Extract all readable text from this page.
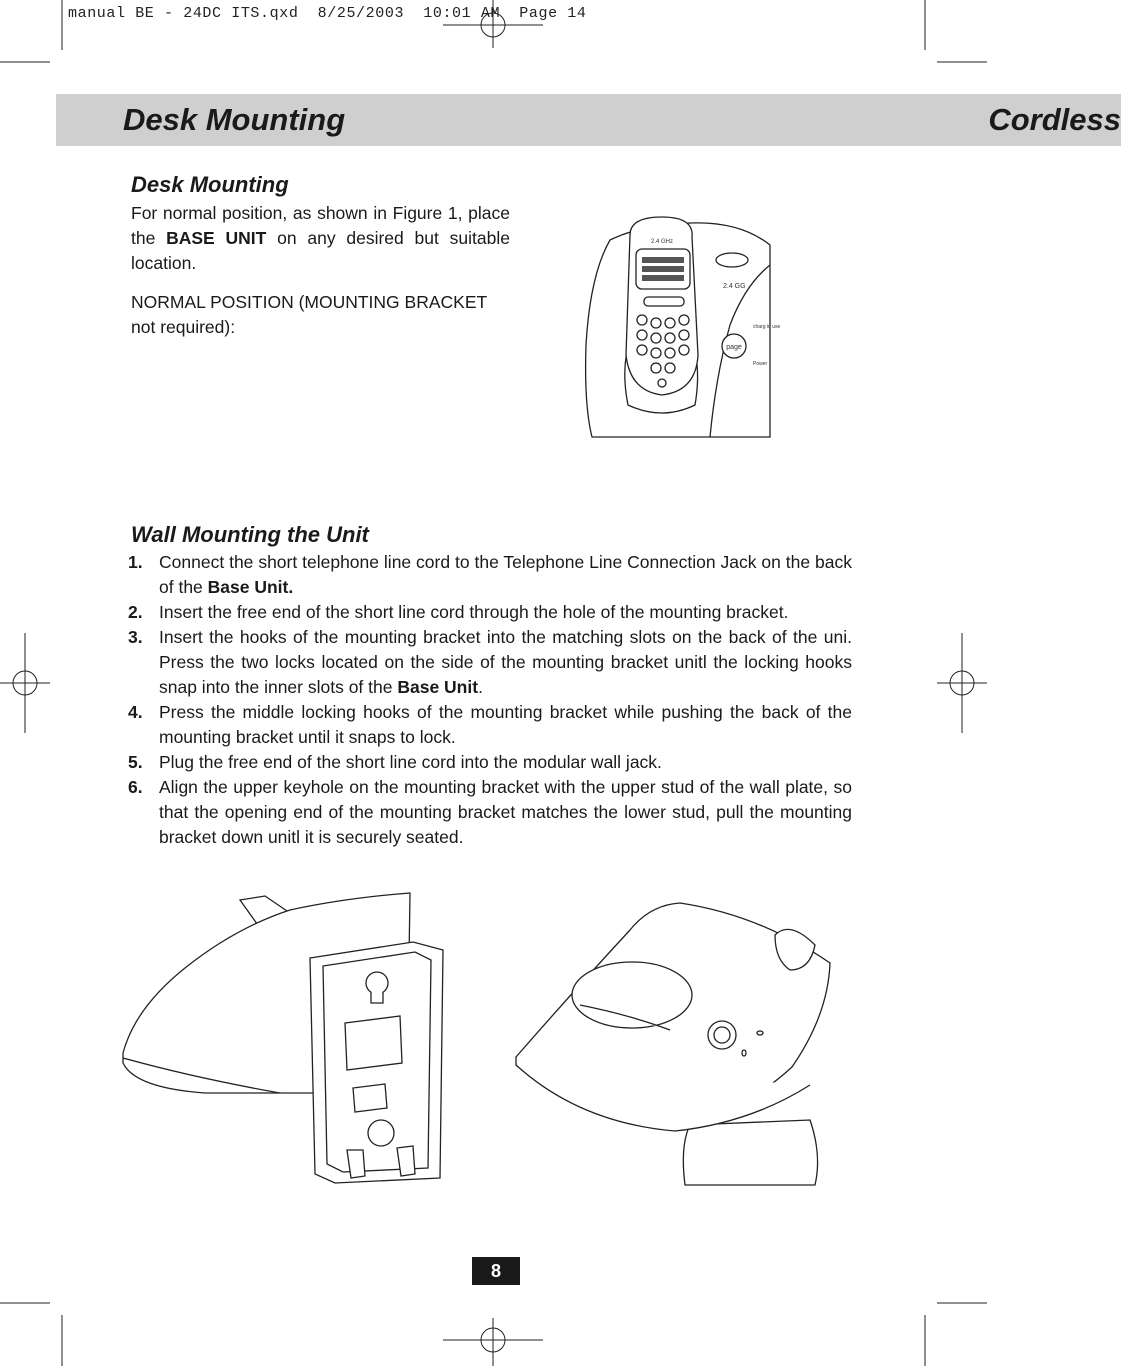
manual BE - 24DC ITS.qxd  8/25/2003  10:01 AM  Page 14
Desk Mounting	Cordless
Desk Mounting

For normal position, as shown in Figure 1, place the BASE UNIT on any desired but suitable location.

NORMAL POSITION (MOUNTING BRACKET not required):

2.4 GHz
2.4 GG
page
charg in use
Power
Wall Mounting the Unit
1. Connect the short telephone line cord to the Telephone Line Connection Jack on the back of the Base Unit.
2. Insert the free end of the short line cord through the hole of the mounting bracket.
3. Insert the hooks of the mounting bracket into the matching slots on the back of the uni. Press the two locks located on the side of the mounting bracket unitl the locking hooks snap into the inner slots of the Base Unit.
4. Press the middle locking hooks of the mounting bracket while pushing the back of the mounting bracket until it snaps to lock.
5. Plug the free end of the short line cord into the modular wall jack.
6. Align the upper keyhole on the mounting bracket with the upper stud of the wall plate, so that the opening end of the mounting bracket matches the lower stud, pull the mounting bracket down unitl it is securely seated.
8
